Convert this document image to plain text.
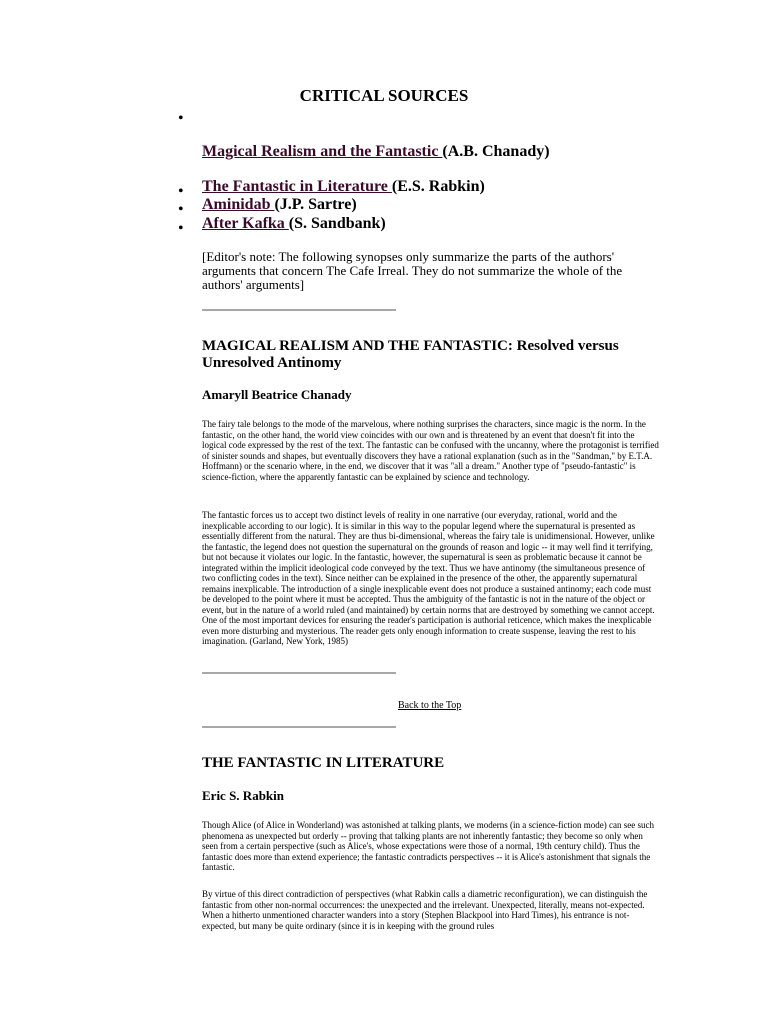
CRITICAL SOURCES
•
Magical Realism and the Fantastic (A.B. Chanady)
• The Fantastic in Literature (E.S. Rabkin)
• Aminidab (J.P. Sartre)
• After Kafka (S. Sandbank)
[Editor's note: The following synopses only summarize the parts of the authors' arguments that concern The Cafe Irreal. They do not summarize the whole of the authors' arguments]
MAGICAL REALISM AND THE FANTASTIC: Resolved versus Unresolved Antinomy
Amaryll Beatrice Chanady

The fairy tale belongs to the mode of the marvelous, where nothing surprises the characters, since magic is the norm. In the fantastic, on the other hand, the world view coincides with our own and is threatened by an event that doesn't fit into the logical code expressed by the rest of the text. The fantastic can be confused with the uncanny, where the protagonist is terrified of sinister sounds and shapes, but eventually discovers they have a rational explanation (such as in the "Sandman," by E.T.A. Hoffmann) or the scenario where, in the end, we discover that it was "all a dream." Another type of "pseudo-fantastic" is science-fiction, where the apparently fantastic can be explained by science and technology.

The fantastic forces us to accept two distinct levels of reality in one narrative (our everyday, rational, world and the inexplicable according to our logic). It is similar in this way to the popular legend where the supernatural is presented as essentially different from the natural. They are thus bi-dimensional, whereas the fairy tale is unidimensional. However, unlike the fantastic, the legend does not question the supernatural on the grounds of reason and logic -- it may well find it terrifying, but not because it violates our logic. In the fantastic, however, the supernatural is seen as problematic because it cannot be integrated within the implicit ideological code conveyed by the text. Thus we have antinomy (the simultaneous presence of two conflicting codes in the text). Since neither can be explained in the presence of the other, the apparently supernatural remains inexplicable. The introduction of a single inexplicable event does not produce a sustained antinomy; each code must be developed to the point where it must be accepted. Thus the ambiguity of the fantastic is not in the nature of the object or event, but in the nature of a world ruled (and maintained) by certain norms that are destroyed by something we cannot accept. One of the most important devices for ensuring the reader's participation is authorial reticence, which makes the inexplicable even more disturbing and mysterious. The reader gets only enough information to create suspense, leaving the rest to his imagination. (Garland, New York, 1985)

Back to the Top
THE FANTASTIC IN LITERATURE
Eric S. Rabkin

Though Alice (of Alice in Wonderland) was astonished at talking plants, we moderns (in a science-fiction mode) can see such phenomena as unexpected but orderly -- proving that talking plants are not inherently fantastic; they become so only when seen from a certain perspective (such as Alice's, whose expectations were those of a normal, 19th century child). Thus the fantastic does more than extend experience; the fantastic contradicts perspectives -- it is Alice's astonishment that signals the fantastic.

By virtue of this direct contradiction of perspectives (what Rabkin calls a diametric reconfiguration), we can distinguish the fantastic from other non-normal occurrences: the unexpected and the irrelevant. Unexpected, literally, means not-expected. When a hitherto unmentioned character wanders into a story (Stephen Blackpool into Hard Times), his entrance is not-expected, but many be quite ordinary (since it is in keeping with the ground rules
